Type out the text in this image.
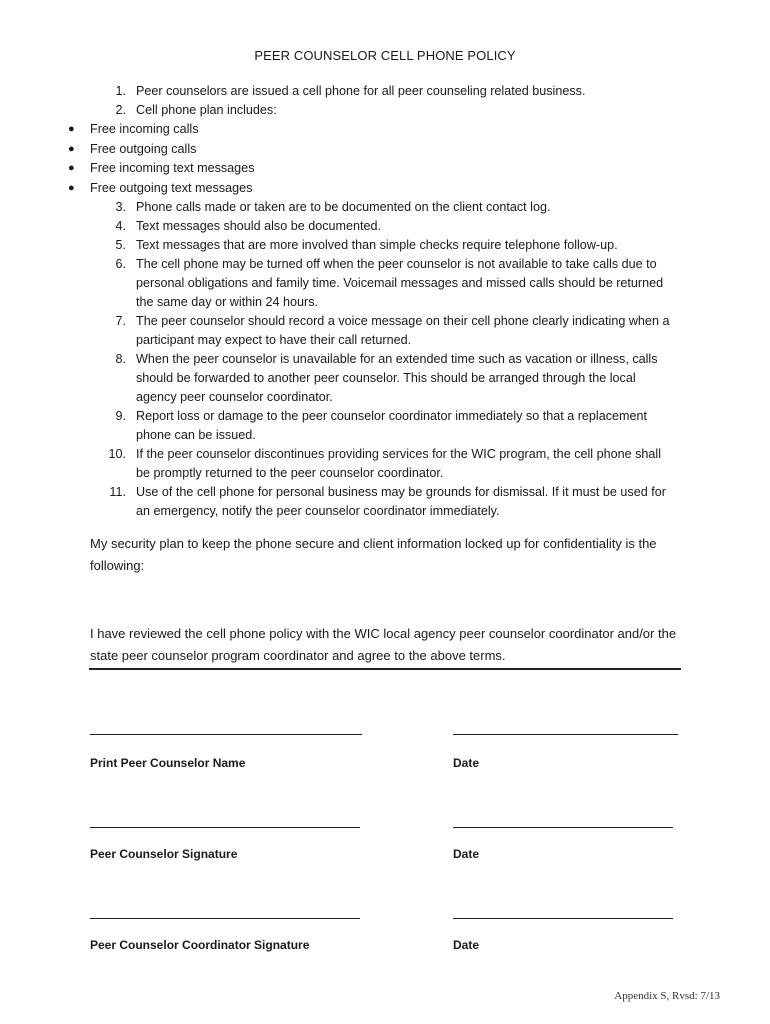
PEER COUNSELOR CELL PHONE POLICY
1. Peer counselors are issued a cell phone for all peer counseling related business.
2. Cell phone plan includes:
● Free incoming calls
● Free outgoing calls
● Free incoming text messages
● Free outgoing text messages
3. Phone calls made or taken are to be documented on the client contact log.
4. Text messages should also be documented.
5. Text messages that are more involved than simple checks require telephone follow-up.
6. The cell phone may be turned off when the peer counselor is not available to take calls due to personal obligations and family time. Voicemail messages and missed calls should be returned the same day or within 24 hours.
7. The peer counselor should record a voice message on their cell phone clearly indicating when a participant may expect to have their call returned.
8. When the peer counselor is unavailable for an extended time such as vacation or illness, calls should be forwarded to another peer counselor. This should be arranged through the local agency peer counselor coordinator.
9. Report loss or damage to the peer counselor coordinator immediately so that a replacement phone can be issued.
10. If the peer counselor discontinues providing services for the WIC program, the cell phone shall be promptly returned to the peer counselor coordinator.
11. Use of the cell phone for personal business may be grounds for dismissal. If it must be used for an emergency, notify the peer counselor coordinator immediately.
My security plan to keep the phone secure and client information locked up for confidentiality is the following:
I have reviewed the cell phone policy with the WIC local agency peer counselor coordinator and/or the state peer counselor program coordinator and agree to the above terms.
Print Peer Counselor Name	Date
Peer Counselor Signature	Date
Peer Counselor Coordinator Signature	Date
Appendix S, Rvsd: 7/13
